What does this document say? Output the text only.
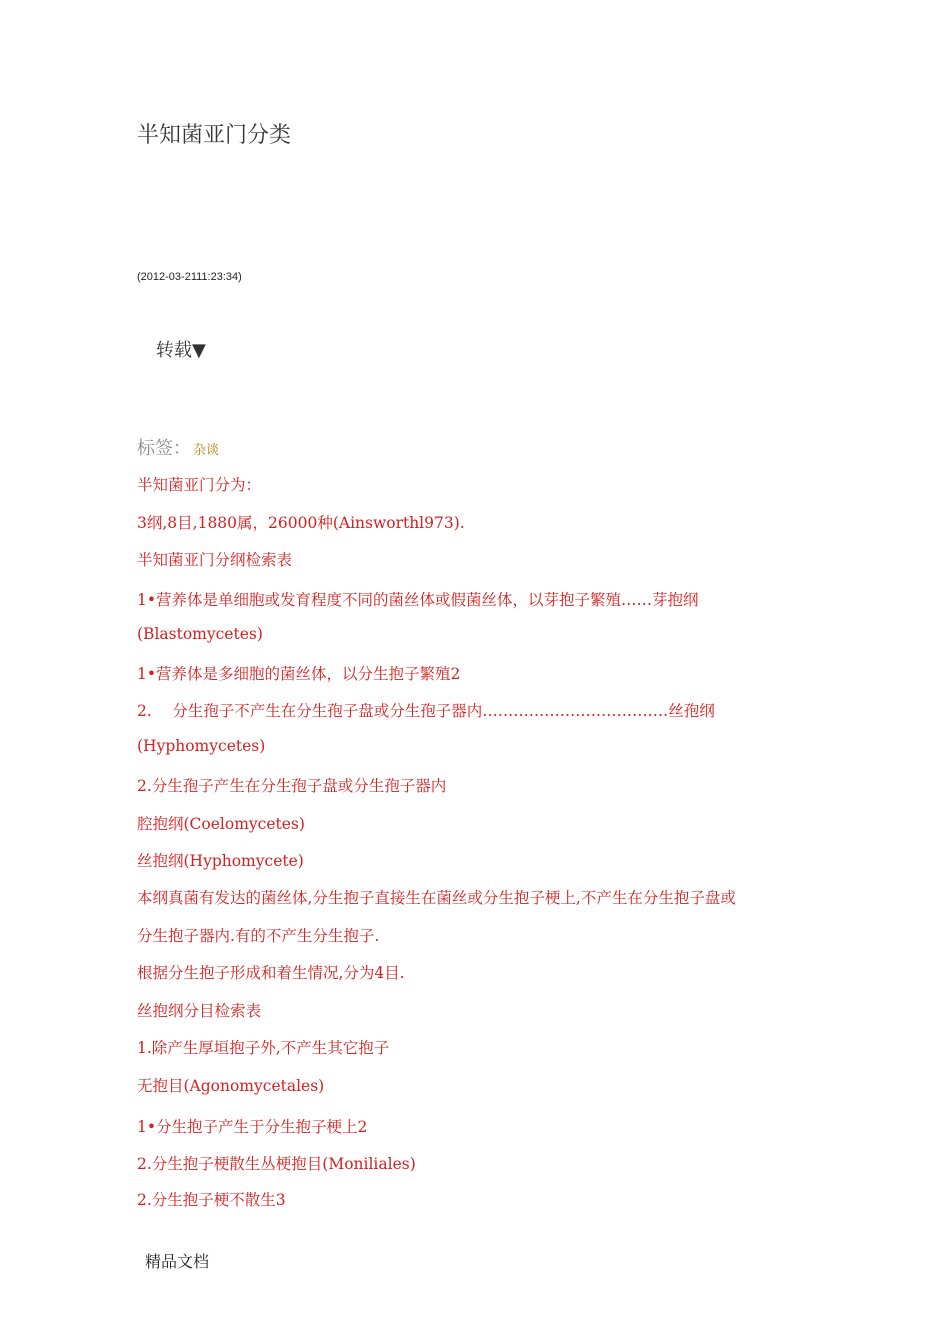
半知菌亚门分类
(2012-03-2111:23:34)
转载▼
标签： 杂谈
半知菌亚门分为：
3纲,8目,1880属，26000种(Ainsworthl973).
半知菌亚门分纲检索表
1•营养体是单细胞或发育程度不同的菌丝体或假菌丝体，以芽抱子繁殖……芽抱纲
(Blastomycetes)
1•营养体是多细胞的菌丝体，以分生抱子繁殖2
2.　 分生孢子不产生在分生孢子盘或分生孢子器内………………………………丝孢纲
(Hyphomycetes)
2.分生孢子产生在分生孢子盘或分生孢子器内
腔抱纲(Coelomycetes)
丝抱纲(Hyphomycete)
本纲真菌有发达的菌丝体,分生抱子直接生在菌丝或分生抱子梗上,不产生在分生抱子盘或
分生抱子器内.有的不产生分生抱子.
根据分生抱子形成和着生情况,分为4目.
丝抱纲分目检索表
1.除产生厚垣抱子外,不产生其它抱子
无抱目(Agonomycetales)
1•分生抱子产生于分生抱子梗上2
2.分生抱子梗散生丛梗抱目(Moniliales)
2.分生抱子梗不散生3
精品文档
